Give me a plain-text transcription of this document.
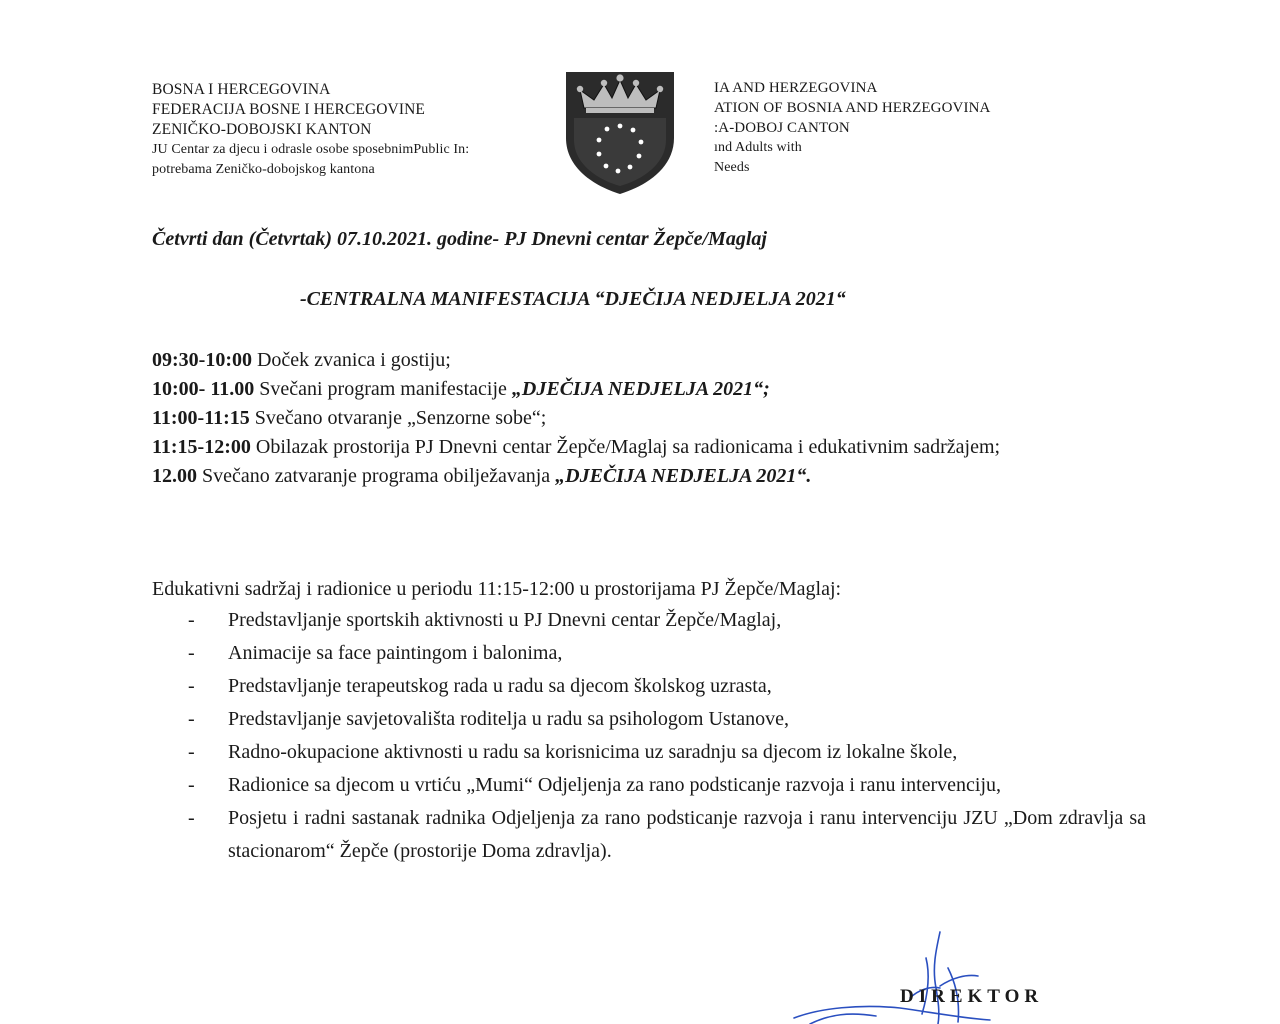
BOSNA I HERCEGOVINA
FEDERACIJA BOSNE I HERCEGOVINE
ZENIČKO-DOBOJSKI KANTON
JU Centar za djecu i odrasle osobe sposebnimPublic In:
potrebama Zeničko-dobojskog kantona
IA AND HERZEGOVINA
ATION OF BOSNIA AND HERZEGOVINA
:A-DOBOJ CANTON
ınd Adults with
Needs
Četvrti dan (Četvrtak) 07.10.2021. godine- PJ Dnevni centar Žepče/Maglaj
-CENTRALNA MANIFESTACIJA “DJEČIJA NEDJELJA 2021“
09:30-10:00 Doček zvanica i gostiju;
10:00- 11.00 Svečani program manifestacije „DJEČIJA NEDJELJA 2021“;
11:00-11:15 Svečano otvaranje „Senzorne sobe“;
11:15-12:00 Obilazak prostorija PJ Dnevni centar Žepče/Maglaj sa radionicama i edukativnim sadržajem;
12.00 Svečano zatvaranje programa obilježavanja „DJEČIJA NEDJELJA 2021“.
Edukativni sadržaj i radionice u periodu 11:15-12:00 u prostorijama PJ Žepče/Maglaj:
- Predstavljanje sportskih aktivnosti u PJ Dnevni centar Žepče/Maglaj,
- Animacije sa face paintingom i balonima,
- Predstavljanje terapeutskog rada u radu sa djecom školskog uzrasta,
- Predstavljanje savjetovališta roditelja u radu sa psihologom Ustanove,
- Radno-okupacione aktivnosti u radu sa korisnicima uz saradnju sa djecom iz lokalne škole,
- Radionice sa djecom u vrtiću „Mumi“ Odjeljenja za rano podsticanje razvoja i ranu intervenciju,
- Posjetu i radni sastanak radnika Odjeljenja za rano podsticanje razvoja i ranu intervenciju JZU „Dom zdravlja sa stacionarom“ Žepče (prostorije Doma zdravlja).
DIREKTOR
